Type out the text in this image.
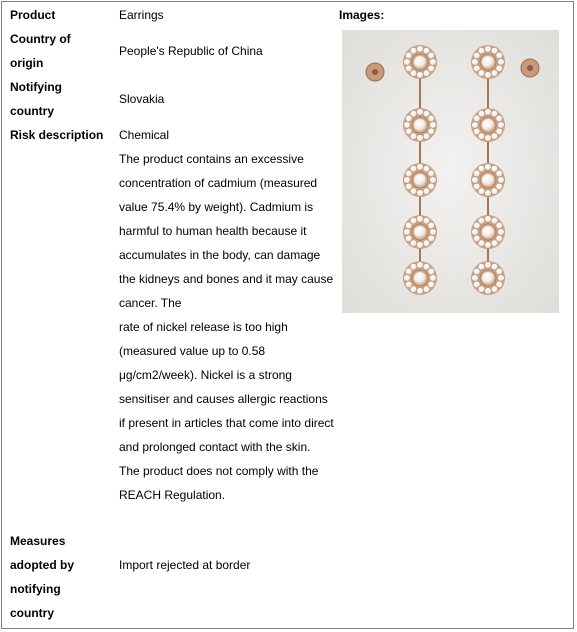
Product	Earrings
Country of
origin
People's Republic of China
Notifying
country
Slovakia
Risk description Chemical

The product contains an excessive concentration of cadmium (measured value 75.4% by weight). Cadmium is harmful to human health because it accumulates in the body, can damage the kidneys and bones and it may cause cancer. The

rate of nickel release is too high (measured value up to 0.58 μg/cm2/week). Nickel is a strong sensitiser and causes allergic reactions if present in articles that come into direct and prolonged contact with the skin.

The product does not comply with the REACH Regulation.

Measures
adopted by
notifying
country
Import rejected at border
Images:
